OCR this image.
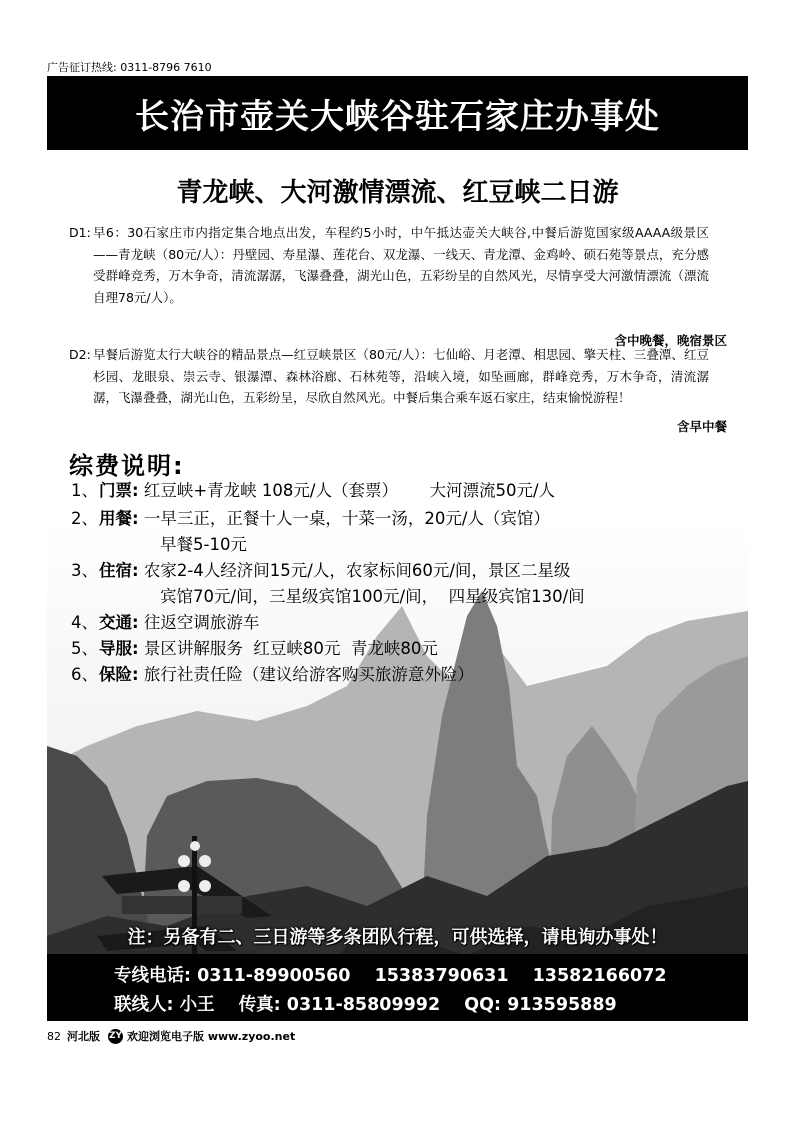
广告征订热线: 0311-8796 7610
长治市壶关大峡谷驻石家庄办事处
青龙峡、大河激情漂流、红豆峡二日游
D1: 早6：30石家庄市内指定集合地点出发，车程约5小时，中午抵达壶关大峡谷,中餐后游览国家级AAAA级景区——青龙峡（80元/人）：丹壁园、寿星瀑、莲花台、双龙瀑、一线天、青龙潭、金鸡岭、硕石苑等景点，充分感受群峰竞秀，万木争奇，清流潺潺，飞瀑叠叠，湖光山色，五彩纷呈的自然风光，尽情享受大河激情漂流（漂流自理78元/人）。
含中晚餐，晚宿景区
D2: 早餐后游览太行大峡谷的精品景点—红豆峡景区（80元/人）：七仙峪、月老潭、相思园、擎天柱、三叠潭、红豆杉园、龙眼泉、崇云寺、银瀑潭、森林浴廊、石林苑等，沿峡入境，如坠画廊，群峰竞秀，万木争奇，清流潺潺，飞瀑叠叠，湖光山色，五彩纷呈，尽欣自然风光。中餐后集合乘车返石家庄，结束愉悦游程！
含早中餐
综费说明:
1、门票: 红豆峡+青龙峡 108元/人（套票）      大河漂流50元/人
2、用餐: 一早三正，正餐十人一桌，十菜一汤，20元/人（宾馆）
早餐5-10元
3、住宿: 农家2-4人经济间15元/人，农家标间60元/间，景区二星级
宾馆70元/间，三星级宾馆100元/间，  四星级宾馆130/间
4、交通: 往返空调旅游车
5、导服: 景区讲解服务  红豆峡80元  青龙峡80元
6、保险: 旅行社责任险（建议给游客购买旅游意外险）
注：另备有二、三日游等多条团队行程，可供选择，请电询办事处！
专线电话: 0311-89900560 15383790631 13582166072
联线人: 小王 传真: 0311-85809992 QQ: 913595889
82 河北版 ZY 欢迎浏览电子版 www.zyoo.net
